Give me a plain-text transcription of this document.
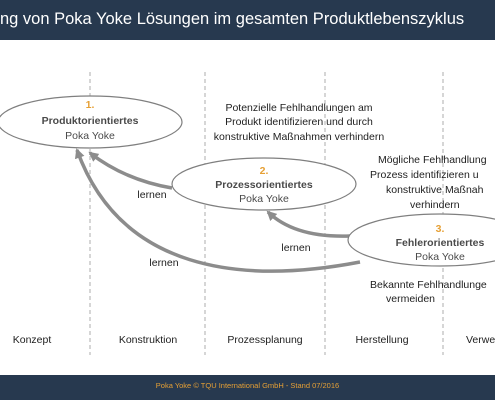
ng von Poka Yoke Lösungen im gesamten Produktlebenszyklus
1.
Produktorientiertes
Poka Yoke
2.
Prozessorientiertes
Poka Yoke
3.
Fehlerorientiertes
Poka Yoke
Potenzielle Fehlhandlungen am
Produkt identifizieren und durch
konstruktive Maßnahmen verhindern
Mögliche Fehlhandlung
Prozess identifizieren u
konstruktive Maßnah
verhindern
Bekannte Fehlhandlunge
vermeiden
lernen
lernen
lernen
Konzept	Konstruktion	Prozessplanung	Herstellung	Verwe
Poka Yoke © TQU International GmbH - Stand 07/2016
